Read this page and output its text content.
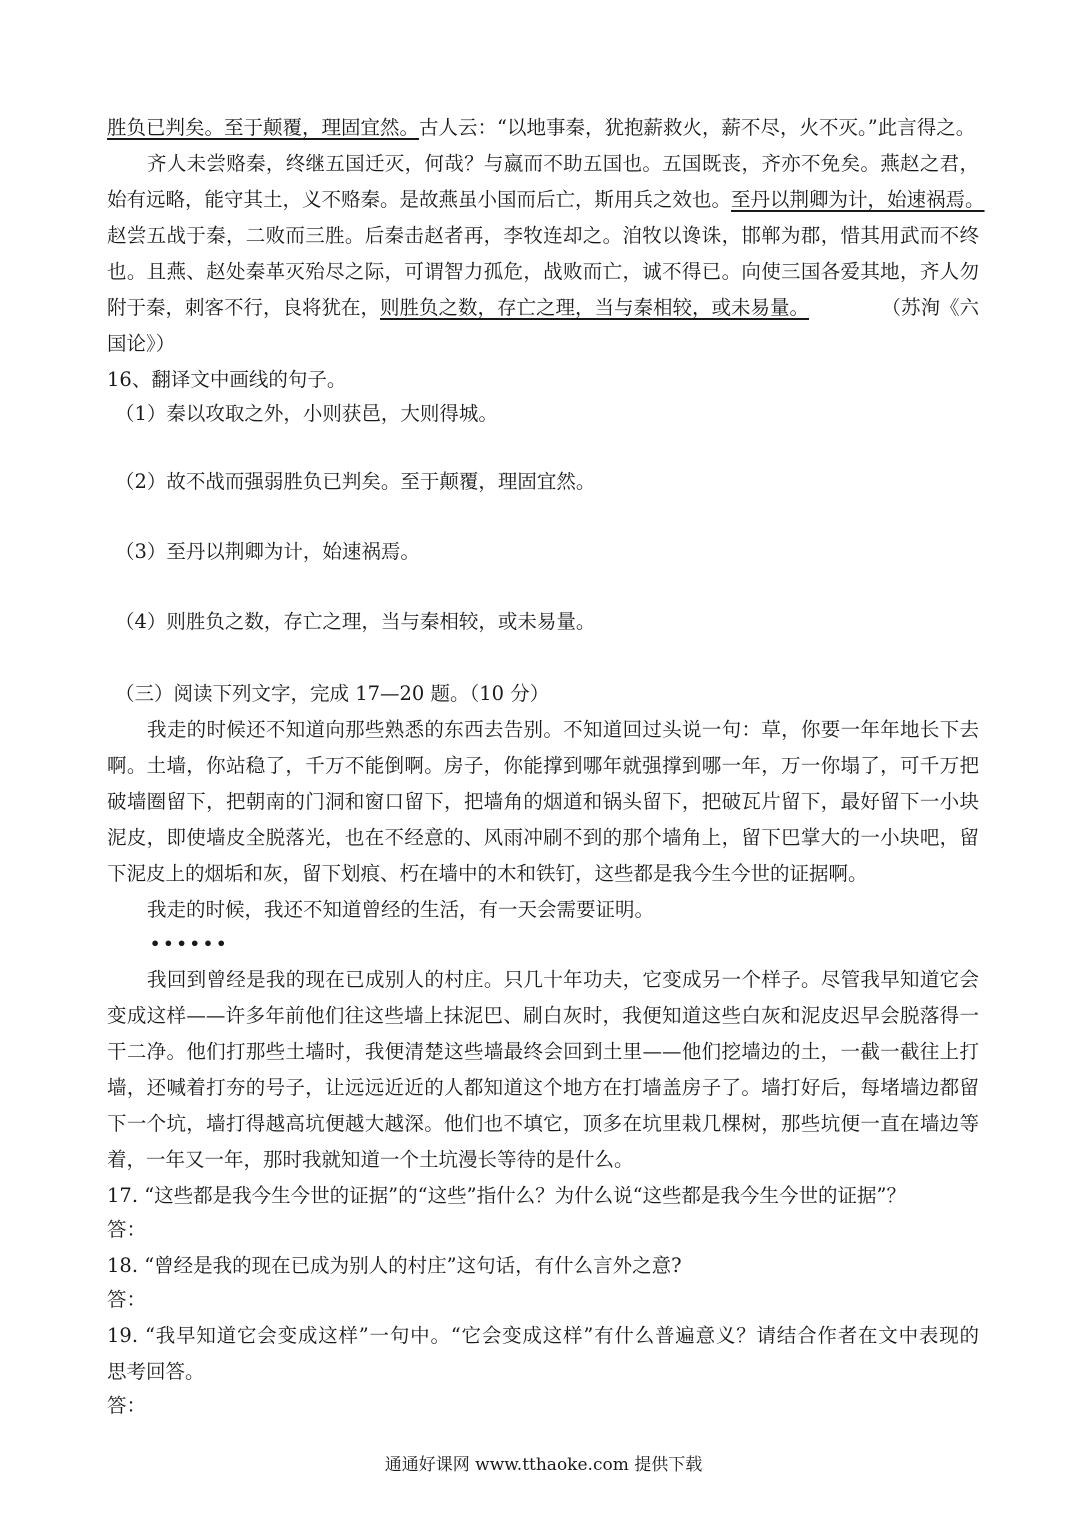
胜负已判矣。至于颠覆，理固宜然。古人云：“以地事秦，犹抱薪救火，薪不尽，火不灭。”此言得之。
齐人未尝赂秦，终继五国迁灭，何哉？与嬴而不助五国也。五国既丧，齐亦不免矣。燕赵之君，
始有远略，能守其土，义不赂秦。是故燕虽小国而后亡，斯用兵之效也。至丹以荆卿为计，始速祸焉。
赵尝五战于秦，二败而三胜。后秦击赵者再，李牧连却之。洎牧以谗诛，邯郸为郡，惜其用武而不终
也。且燕、赵处秦革灭殆尽之际，可谓智力孤危，战败而亡，诚不得已。向使三国各爱其地，齐人勿
附于秦，刺客不行，良将犹在，则胜负之数，存亡之理，当与秦相较，或未易量。	（苏洵《六
国论》）
16、翻译文中画线的句子。
（1）秦以攻取之外，小则获邑，大则得城。
（2）故不战而强弱胜负已判矣。至于颠覆，理固宜然。
（3）至丹以荆卿为计，始速祸焉。
（4）则胜负之数，存亡之理，当与秦相较，或未易量。
（三）阅读下列文字，完成 17—20 题。（10 分）
我走的时候还不知道向那些熟悉的东西去告别。不知道回过头说一句：草，你要一年年地长下去
啊。土墙，你站稳了，千万不能倒啊。房子，你能撑到哪年就强撑到哪一年，万一你塌了，可千万把
破墙圈留下，把朝南的门洞和窗口留下，把墙角的烟道和锅头留下，把破瓦片留下，最好留下一小块
泥皮，即使墙皮全脱落光，也在不经意的、风雨冲刷不到的那个墙角上，留下巴掌大的一小块吧，留
下泥皮上的烟垢和灰，留下划痕、朽在墙中的木和铁钉，这些都是我今生今世的证据啊。
我走的时候，我还不知道曾经的生活，有一天会需要证明。
••••••
我回到曾经是我的现在已成别人的村庄。只几十年功夫，它变成另一个样子。尽管我早知道它会
变成这样——许多年前他们往这些墙上抹泥巴、刷白灰时，我便知道这些白灰和泥皮迟早会脱落得一
干二净。他们打那些土墙时，我便清楚这些墙最终会回到土里——他们挖墙边的土，一截一截往上打
墙，还喊着打夯的号子，让远远近近的人都知道这个地方在打墙盖房子了。墙打好后，每堵墙边都留
下一个坑，墙打得越高坑便越大越深。他们也不填它，顶多在坑里栽几棵树，那些坑便一直在墙边等
着，一年又一年，那时我就知道一个土坑漫长等待的是什么。
17. “这些都是我今生今世的证据”的“这些”指什么？为什么说“这些都是我今生今世的证据”？
答：
18. “曾经是我的现在已成为别人的村庄”这句话，有什么言外之意?
答：
19. “我早知道它会变成这样”一句中。“它会变成这样”有什么普遍意义？请结合作者在文中表现的
思考回答。
答：
通通好课网 www.tthaoke.com 提供下载
